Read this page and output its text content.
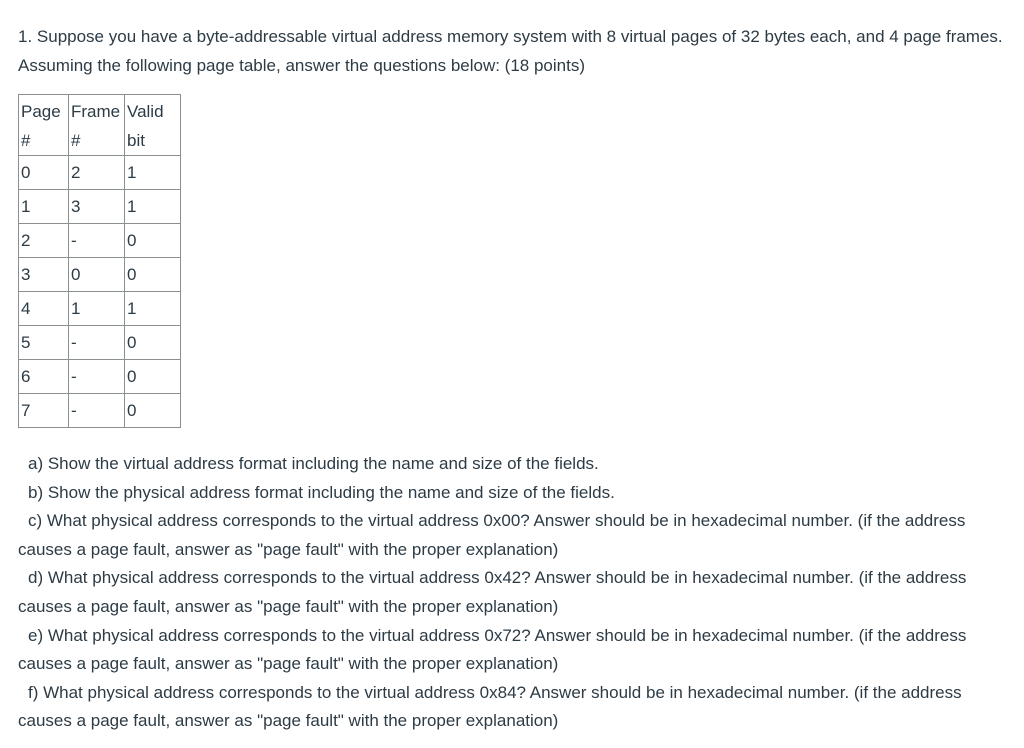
1. Suppose you have a byte-addressable virtual address memory system with 8 virtual pages of 32 bytes each, and 4 page frames. Assuming the following page table, answer the questions below: (18 points)

Page #	Frame #	Valid bit
0	2	1
1	3	1
2	-	0
3	0	0
4	1	1
5	-	0
6	-	0
7	-	0

a) Show the virtual address format including the name and size of the fields.

b) Show the physical address format including the name and size of the fields.

c) What physical address corresponds to the virtual address 0x00? Answer should be in hexadecimal number. (if the address causes a page fault, answer as "page fault" with the proper explanation)

d) What physical address corresponds to the virtual address 0x42? Answer should be in hexadecimal number. (if the address causes a page fault, answer as "page fault" with the proper explanation)

e) What physical address corresponds to the virtual address 0x72? Answer should be in hexadecimal number. (if the address causes a page fault, answer as "page fault" with the proper explanation)

f) What physical address corresponds to the virtual address 0x84? Answer should be in hexadecimal number. (if the address causes a page fault, answer as "page fault" with the proper explanation)
